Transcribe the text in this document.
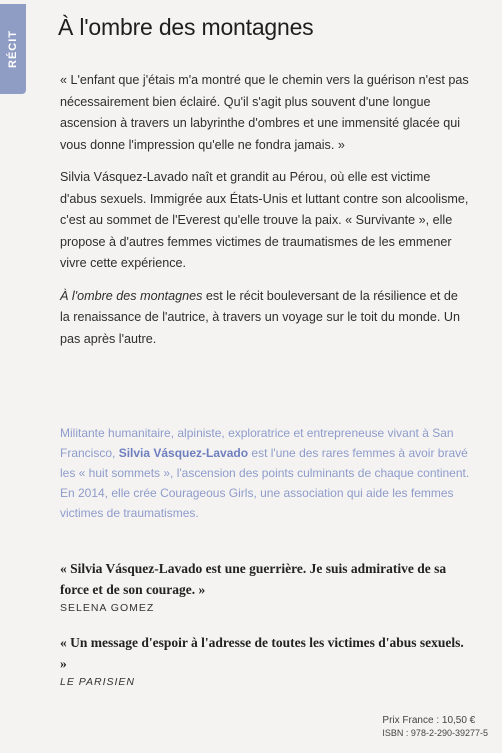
RÉCIT
À l'ombre des montagnes

« L'enfant que j'étais m'a montré que le chemin vers la guérison n'est pas nécessairement bien éclairé. Qu'il s'agit plus souvent d'une longue ascension à travers un labyrinthe d'ombres et une immensité glacée qui vous donne l'impression qu'elle ne fondra jamais. »

Silvia Vásquez-Lavado naît et grandit au Pérou, où elle est victime d'abus sexuels. Immigrée aux États-Unis et luttant contre son alcoolisme, c'est au sommet de l'Everest qu'elle trouve la paix. « Survivante », elle propose à d'autres femmes victimes de traumatismes de les emmener vivre cette expérience.

À l'ombre des montagnes est le récit bouleversant de la résilience et de la renaissance de l'autrice, à travers un voyage sur le toit du monde. Un pas après l'autre.

Militante humanitaire, alpiniste, exploratrice et entrepreneuse vivant à San Francisco, Silvia Vásquez-Lavado est l'une des rares femmes à avoir bravé les « huit sommets », l'ascension des points culminants de chaque continent. En 2014, elle crée Courageous Girls, une association qui aide les femmes victimes de traumatismes.

« Silvia Vásquez-Lavado est une guerrière. Je suis admirative de sa force et de son courage. »

SELENA GOMEZ

« Un message d'espoir à l'adresse de toutes les victimes d'abus sexuels. »

LE PARISIEN

Prix France : 10,50 €
ISBN : 978-2-290-39277-5
